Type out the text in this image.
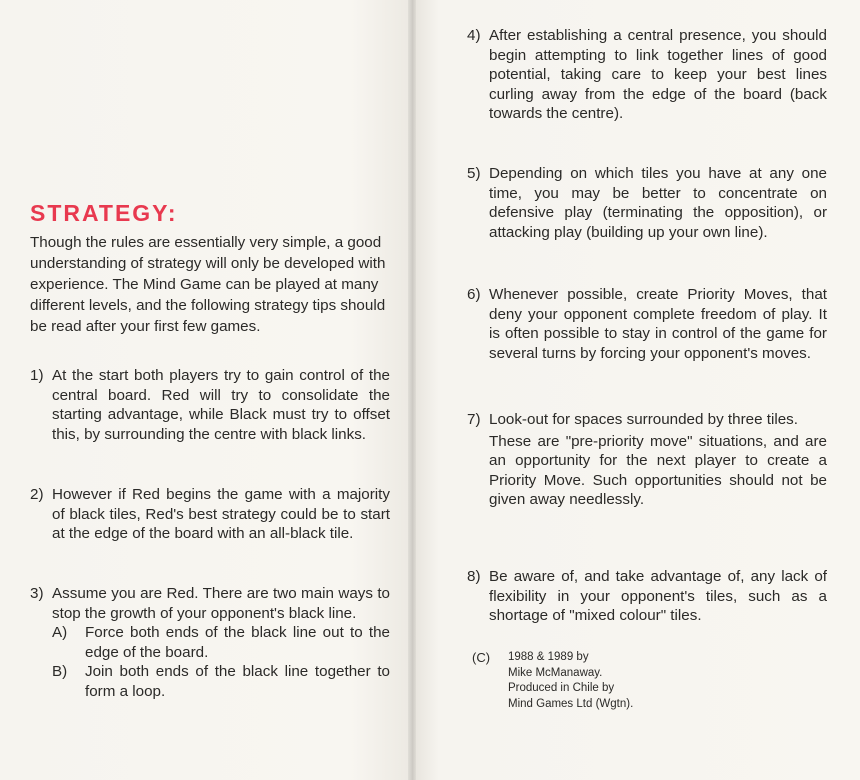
STRATEGY:

Though the rules are essentially very simple, a good understanding of strategy will only be developed with experience. The Mind Game can be played at many different levels, and the following strategy tips should be read after your first few games.

1) At the start both players try to gain control of the central board. Red will try to consolidate the starting advantage, while Black must try to offset this, by surrounding the centre with black links.
2) However if Red begins the game with a majority of black tiles, Red's best strategy could be to start at the edge of the board with an all-black tile.
3) Assume you are Red. There are two main ways to stop the growth of your opponent's black line.
A)	Force both ends of the black line out to the edge of the board.
B)	Join both ends of the black line together to form a loop.
4) After establishing a central presence, you should begin attempting to link together lines of good potential, taking care to keep your best lines curling away from the edge of the board (back towards the centre).
5) Depending on which tiles you have at any one time, you may be better to concentrate on defensive play (terminating the opposition), or attacking play (building up your own line).
6) Whenever possible, create Priority Moves, that deny your opponent complete freedom of play. It is often possible to stay in control of the game for several turns by forcing your opponent's moves.
7) Look-out for spaces surrounded by three tiles.
These are "pre-priority move" situations, and are an opportunity for the next player to create a Priority Move. Such opportunities should not be given away needlessly.
8) Be aware of, and take advantage of, any lack of flexibility in your opponent's tiles, such as a shortage of "mixed colour" tiles.
(C)	1988 & 1989 by
Mike McManaway.
Produced in Chile by
Mind Games Ltd (Wgtn).
